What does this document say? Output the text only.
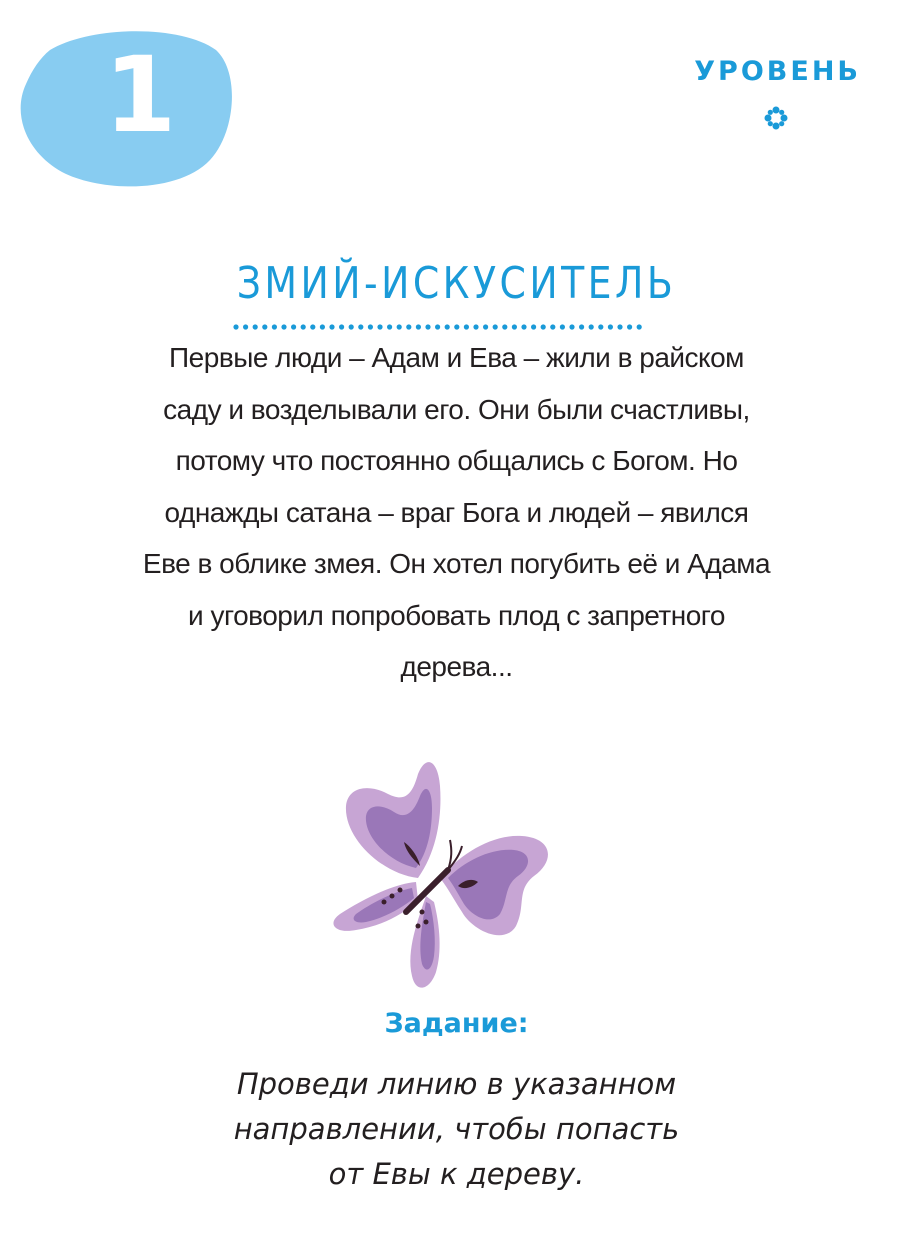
1	УРОВЕНЬ
ЗМИЙ-ИСКУСИТЕЛЬ
Первые люди – Адам и Ева – жили в райском
саду и возделывали его. Они были счастливы,
потому что постоянно общались с Богом. Но
однажды сатана – враг Бога и людей – явился
Еве в облике змея. Он хотел погубить её и Адама
и уговорил попробовать плод с запретного
дерева...
Задание:
Проведи линию в указанном
направлении, чтобы попасть
от Евы к дереву.
